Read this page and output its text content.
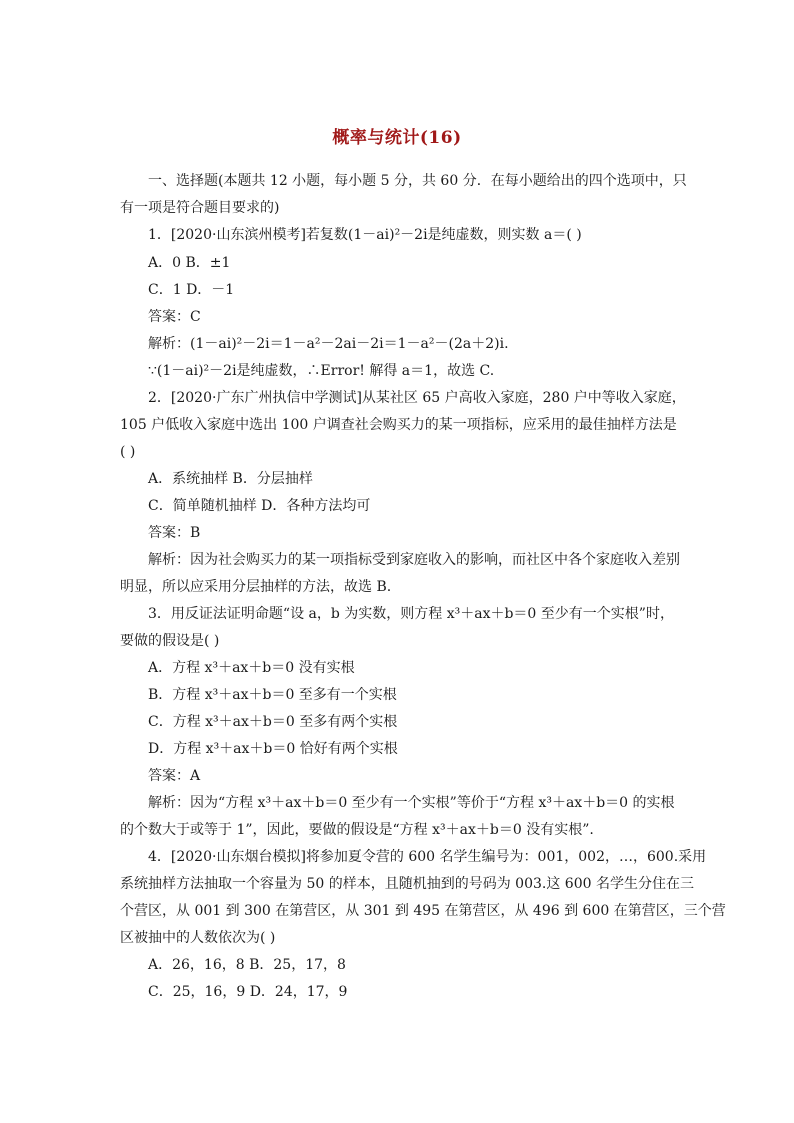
概率与统计(16)
一、选择题(本题共 12 小题，每小题 5 分，共 60 分．在每小题给出的四个选项中，只
有一项是符合题目要求的)
1．[2020·山东滨州模考]若复数(1－ai)²－2i是纯虚数，则实数 a＝( )
A．0 B．±1
C．1 D．－1
答案：C
解析：(1－ai)²－2i＝1－a²－2ai－2i＝1－a²－(2a＋2)i.
∵(1－ai)²－2i是纯虚数，∴Error! 解得 a＝1，故选 C.
2．[2020·广东广州执信中学测试]从某社区 65 户高收入家庭，280 户中等收入家庭，
105 户低收入家庭中选出 100 户调查社会购买力的某一项指标，应采用的最佳抽样方法是
( )
A．系统抽样 B．分层抽样
C．简单随机抽样 D．各种方法均可
答案：B
解析：因为社会购买力的某一项指标受到家庭收入的影响，而社区中各个家庭收入差别
明显，所以应采用分层抽样的方法，故选 B.
3．用反证法证明命题“设 a，b 为实数，则方程 x³＋ax＋b＝0 至少有一个实根”时，
要做的假设是( )
A．方程 x³＋ax＋b＝0 没有实根
B．方程 x³＋ax＋b＝0 至多有一个实根
C．方程 x³＋ax＋b＝0 至多有两个实根
D．方程 x³＋ax＋b＝0 恰好有两个实根
答案：A
解析：因为“方程 x³＋ax＋b＝0 至少有一个实根”等价于“方程 x³＋ax＋b＝0 的实根
的个数大于或等于 1”，因此，要做的假设是“方程 x³＋ax＋b＝0 没有实根”.
4．[2020·山东烟台模拟]将参加夏令营的 600 名学生编号为：001，002，…，600.采用
系统抽样方法抽取一个容量为 50 的样本，且随机抽到的号码为 003.这 600 名学生分住在三
个营区，从 001 到 300 在第营区，从 301 到 495 在第营区，从 496 到 600 在第营区，三个营
区被抽中的人数依次为( )
A．26，16，8 B．25，17，8
C．25，16，9 D．24，17，9
